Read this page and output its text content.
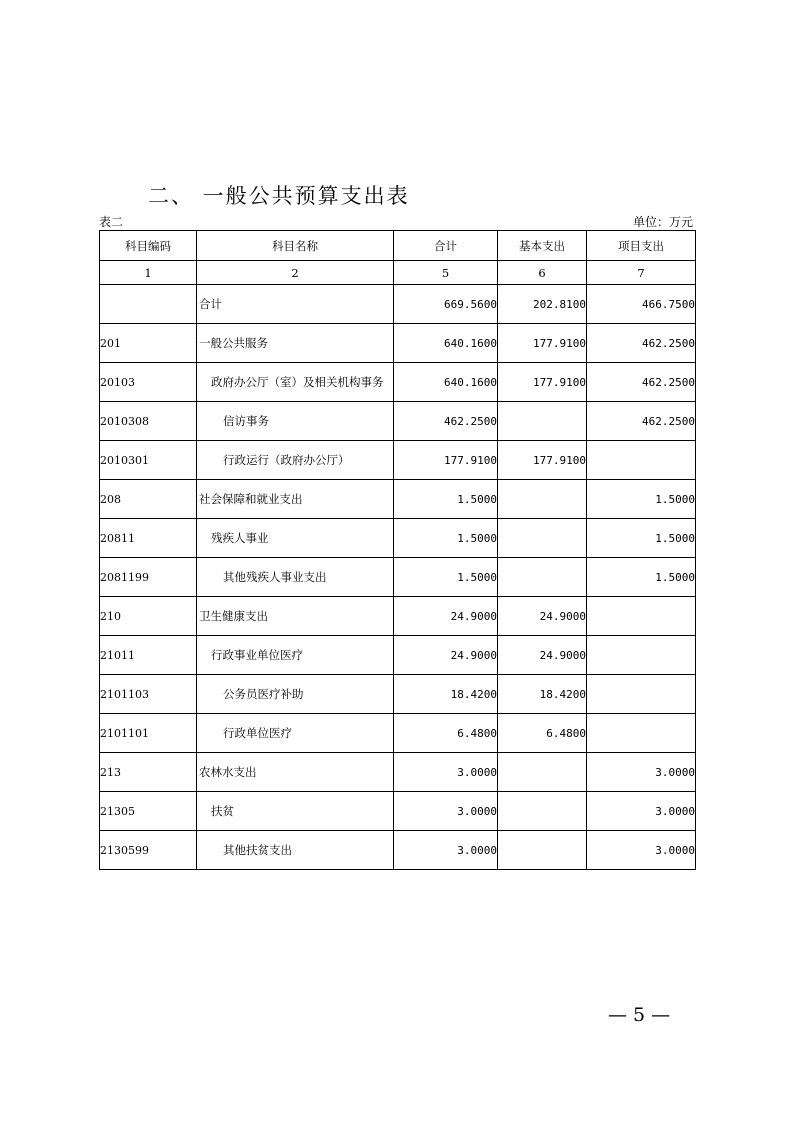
二、 一般公共预算支出表
表二	单位：万元
科目编码	科目名称	合计	基本支出	项目支出
1	2	5	6	7
	合计	669.5600	202.8100	466.7500
201	一般公共服务	640.1600	177.9100	462.2500
20103	政府办公厅（室）及相关机构事务	640.1600	177.9100	462.2500
2010308	信访事务	462.2500		462.2500
2010301	行政运行（政府办公厅）	177.9100	177.9100	
208	社会保障和就业支出	1.5000		1.5000
20811	残疾人事业	1.5000		1.5000
2081199	其他残疾人事业支出	1.5000		1.5000
210	卫生健康支出	24.9000	24.9000	
21011	行政事业单位医疗	24.9000	24.9000	
2101103	公务员医疗补助	18.4200	18.4200	
2101101	行政单位医疗	6.4800	6.4800	
213	农林水支出	3.0000		3.0000
21305	扶贫	3.0000		3.0000
2130599	其他扶贫支出	3.0000		3.0000
— 5 —
